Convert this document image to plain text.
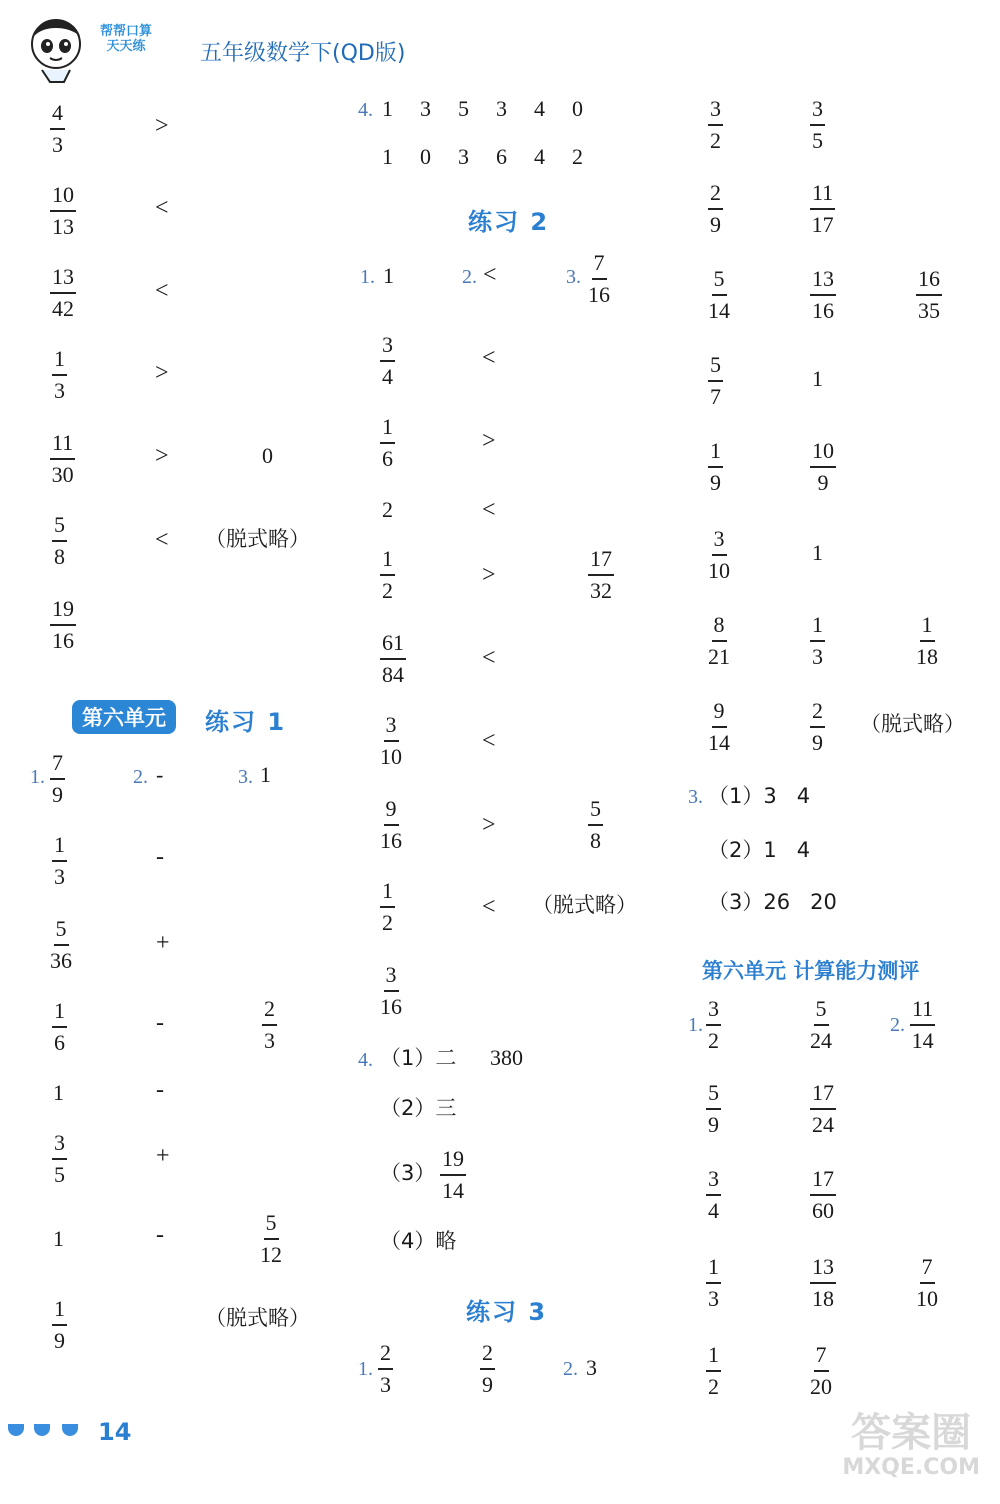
帮帮口算
天天练 五年级数学下(QD版)
$\frac{4}{3}$	>
$\frac{10}{13}$	<
$\frac{13}{42}$	<
$\frac{1}{3}$	>
$\frac{11}{30}$	>	0
$\frac{5}{8}$	< （脱式略）
$\frac{19}{16}$
第六单元	练习 1
1. $\frac{7}{9}$	2. -	3. 1
$\frac{1}{3}$	-
$\frac{5}{36}$	+
$\frac{1}{6}$	-	$\frac{2}{3}$
1	-
$\frac{3}{5}$	+
1	-	$\frac{5}{12}$
$\frac{1}{9}$	（脱式略）
4. 1  3  5  3  4  0
1  0  3  6  4  2
练习 2
1. 1	2. <	3. $\frac{7}{16}$
$\frac{3}{4}$	<
$\frac{1}{6}$	>
2	<
$\frac{1}{2}$	>	$\frac{17}{32}$
$\frac{61}{84}$	<
$\frac{3}{10}$	<
$\frac{9}{16}$	>	$\frac{5}{8}$
$\frac{1}{2}$	< （脱式略）
$\frac{3}{16}$
4. （1）二 380
（2）三
$(3) \frac{19}{14}$
（4）略
练习 3
1. $\frac{2}{3}$	$\frac{2}{9}$	2. 3
$\frac{3}{2}$	$\frac{3}{5}$
$\frac{2}{9}$	$\frac{11}{17}$
$\frac{5}{14}$	$\frac{13}{16}$	$\frac{16}{35}$
$\frac{5}{7}$	1
$\frac{1}{9}$	$\frac{10}{9}$
$\frac{3}{10}$	1
$\frac{8}{21}$	$\frac{1}{3}$	$\frac{1}{18}$
$\frac{9}{14}$	$\frac{2}{9}$ （脱式略）
3. （1）3   4
（2）1   4
（3）26   20
第六单元 计算能力测评
1. $\frac{3}{2}$	$\frac{5}{24}$	2. $\frac{11}{14}$
$\frac{5}{9}$	$\frac{17}{24}$
$\frac{3}{4}$	$\frac{17}{60}$
$\frac{1}{3}$	$\frac{13}{18}$	$\frac{7}{10}$
$\frac{1}{2}$	$\frac{7}{20}$
14	答案圈
MXQE.COM
